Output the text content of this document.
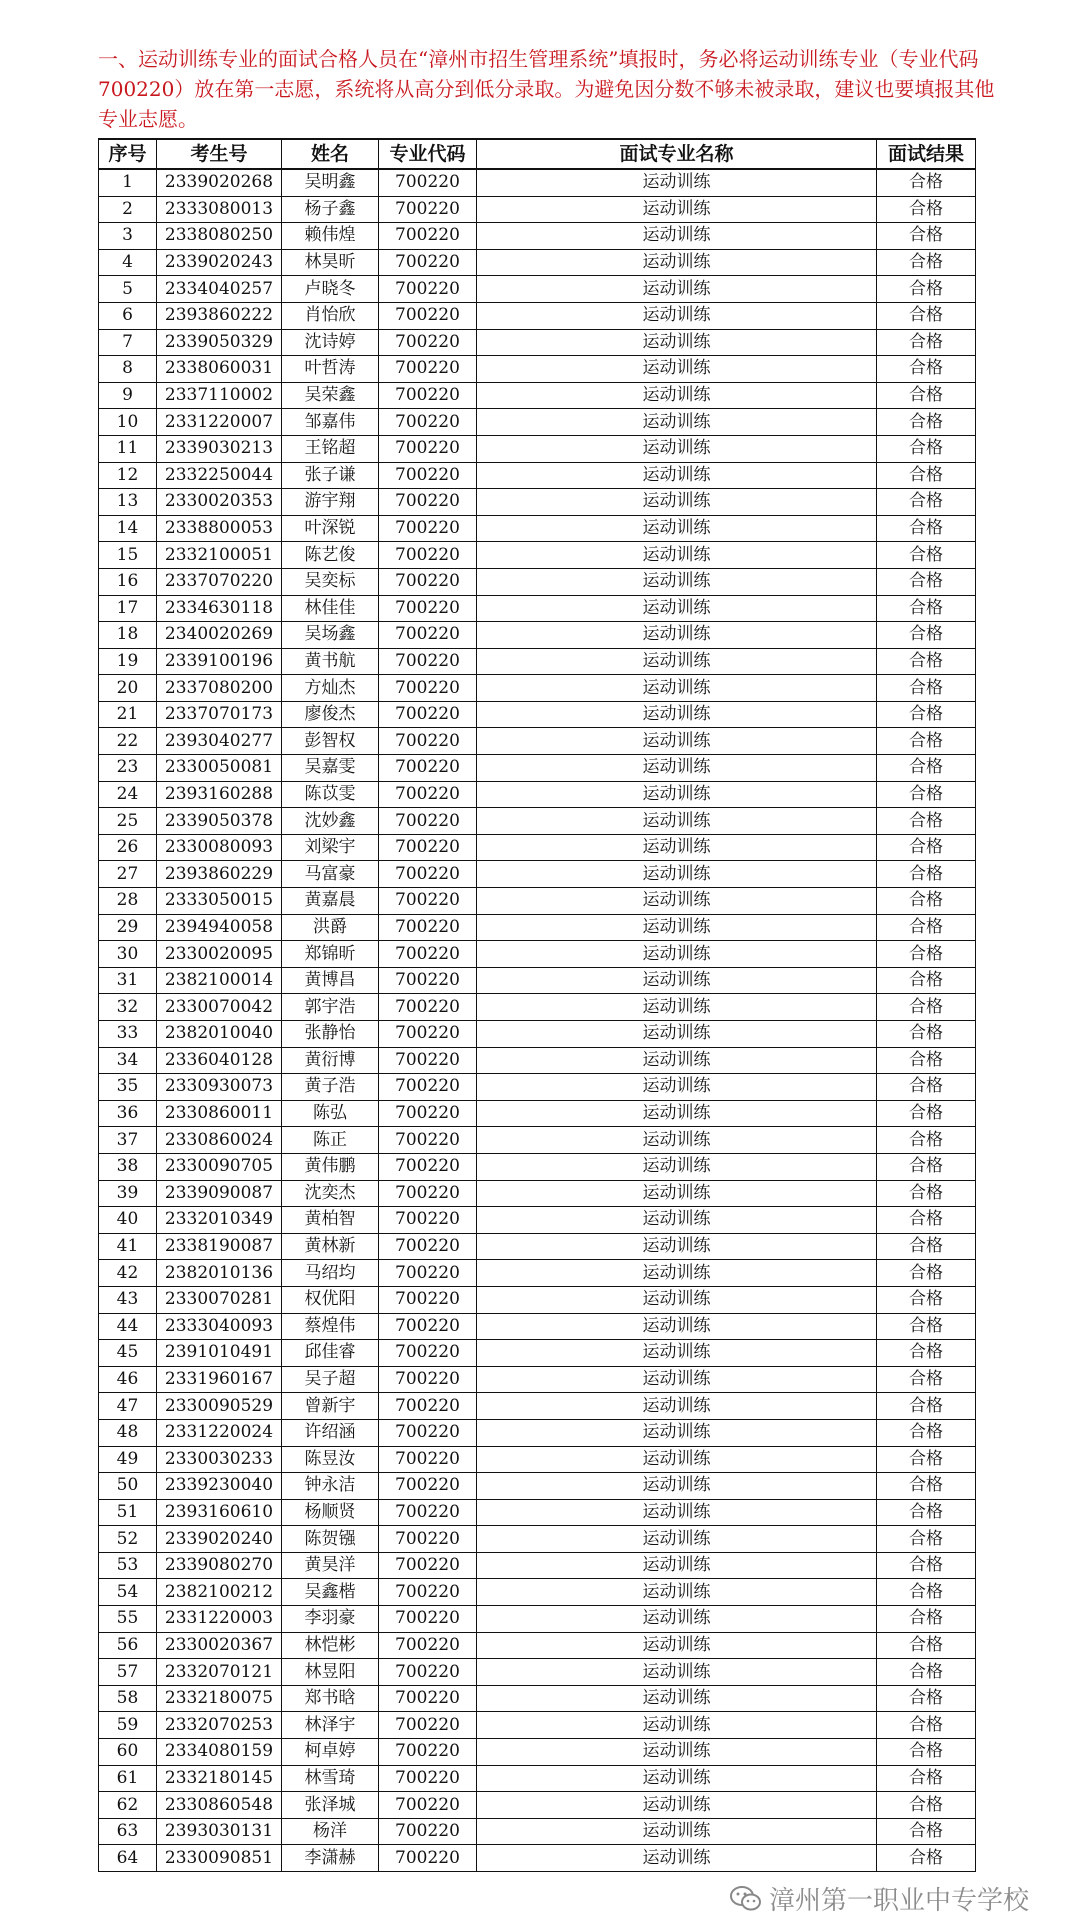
一、运动训练专业的面试合格人员在“漳州市招生管理系统”填报时，务必将运动训练专业（专业代码700220）放在第一志愿，系统将从高分到低分录取。为避免因分数不够未被录取，建议也要填报其他专业志愿。
序号	考生号	姓名	专业代码	面试专业名称	面试结果
1	2339020268	吴明鑫	700220	运动训练	合格
2	2333080013	杨子鑫	700220	运动训练	合格
3	2338080250	赖伟煌	700220	运动训练	合格
4	2339020243	林昊昕	700220	运动训练	合格
5	2334040257	卢晓冬	700220	运动训练	合格
6	2393860222	肖怡欣	700220	运动训练	合格
7	2339050329	沈诗婷	700220	运动训练	合格
8	2338060031	叶哲涛	700220	运动训练	合格
9	2337110002	吴荣鑫	700220	运动训练	合格
10	2331220007	邹嘉伟	700220	运动训练	合格
11	2339030213	王铭超	700220	运动训练	合格
12	2332250044	张子谦	700220	运动训练	合格
13	2330020353	游宇翔	700220	运动训练	合格
14	2338800053	叶深锐	700220	运动训练	合格
15	2332100051	陈艺俊	700220	运动训练	合格
16	2337070220	吴奕标	700220	运动训练	合格
17	2334630118	林佳佳	700220	运动训练	合格
18	2340020269	吴场鑫	700220	运动训练	合格
19	2339100196	黄书航	700220	运动训练	合格
20	2337080200	方灿杰	700220	运动训练	合格
21	2337070173	廖俊杰	700220	运动训练	合格
22	2393040277	彭智权	700220	运动训练	合格
23	2330050081	吴嘉雯	700220	运动训练	合格
24	2393160288	陈苡雯	700220	运动训练	合格
25	2339050378	沈妙鑫	700220	运动训练	合格
26	2330080093	刘梁宇	700220	运动训练	合格
27	2393860229	马富豪	700220	运动训练	合格
28	2333050015	黄嘉晨	700220	运动训练	合格
29	2394940058	洪爵	700220	运动训练	合格
30	2330020095	郑锦昕	700220	运动训练	合格
31	2382100014	黄博昌	700220	运动训练	合格
32	2330070042	郭宇浩	700220	运动训练	合格
33	2382010040	张静怡	700220	运动训练	合格
34	2336040128	黄衍博	700220	运动训练	合格
35	2330930073	黄子浩	700220	运动训练	合格
36	2330860011	陈弘	700220	运动训练	合格
37	2330860024	陈正	700220	运动训练	合格
38	2330090705	黄伟鹏	700220	运动训练	合格
39	2339090087	沈奕杰	700220	运动训练	合格
40	2332010349	黄柏智	700220	运动训练	合格
41	2338190087	黄林新	700220	运动训练	合格
42	2382010136	马绍均	700220	运动训练	合格
43	2330070281	权优阳	700220	运动训练	合格
44	2333040093	蔡煌伟	700220	运动训练	合格
45	2391010491	邱佳睿	700220	运动训练	合格
46	2331960167	吴子超	700220	运动训练	合格
47	2330090529	曾新宇	700220	运动训练	合格
48	2331220024	许绍涵	700220	运动训练	合格
49	2330030233	陈昱汝	700220	运动训练	合格
50	2339230040	钟永洁	700220	运动训练	合格
51	2393160610	杨顺贤	700220	运动训练	合格
52	2339020240	陈贺镪	700220	运动训练	合格
53	2339080270	黄昊洋	700220	运动训练	合格
54	2382100212	吴鑫楷	700220	运动训练	合格
55	2331220003	李羽豪	700220	运动训练	合格
56	2330020367	林恺彬	700220	运动训练	合格
57	2332070121	林昱阳	700220	运动训练	合格
58	2332180075	郑书晗	700220	运动训练	合格
59	2332070253	林泽宇	700220	运动训练	合格
60	2334080159	柯卓婷	700220	运动训练	合格
61	2332180145	林雪琦	700220	运动训练	合格
62	2330860548	张泽城	700220	运动训练	合格
63	2393030131	杨洋	700220	运动训练	合格
64	2330090851	李潇赫	700220	运动训练	合格
漳州第一职业中专学校
